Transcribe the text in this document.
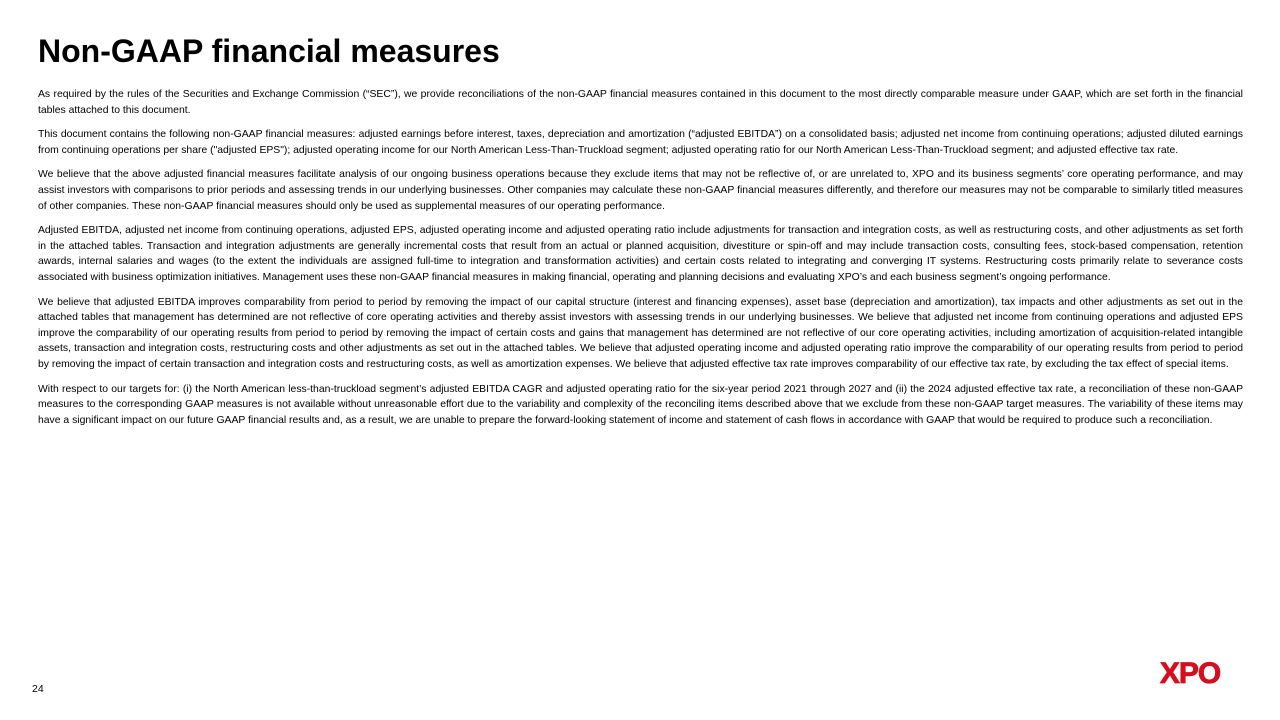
Non-GAAP financial measures

As required by the rules of the Securities and Exchange Commission (“SEC”), we provide reconciliations of the non-GAAP financial measures contained in this document to the most directly comparable measure under GAAP, which are set forth in the financial tables attached to this document.

This document contains the following non-GAAP financial measures: adjusted earnings before interest, taxes, depreciation and amortization (“adjusted EBITDA”) on a consolidated basis; adjusted net income from continuing operations; adjusted diluted earnings from continuing operations per share ("adjusted EPS"); adjusted operating income for our North American Less-Than-Truckload segment; adjusted operating ratio for our North American Less-Than-Truckload segment; and adjusted effective tax rate.

We believe that the above adjusted financial measures facilitate analysis of our ongoing business operations because they exclude items that may not be reflective of, or are unrelated to, XPO and its business segments’ core operating performance, and may assist investors with comparisons to prior periods and assessing trends in our underlying businesses. Other companies may calculate these non-GAAP financial measures differently, and therefore our measures may not be comparable to similarly titled measures of other companies. These non-GAAP financial measures should only be used as supplemental measures of our operating performance.

Adjusted EBITDA, adjusted net income from continuing operations, adjusted EPS, adjusted operating income and adjusted operating ratio include adjustments for transaction and integration costs, as well as restructuring costs, and other adjustments as set forth in the attached tables. Transaction and integration adjustments are generally incremental costs that result from an actual or planned acquisition, divestiture or spin-off and may include transaction costs, consulting fees, stock-based compensation, retention awards, internal salaries and wages (to the extent the individuals are assigned full-time to integration and transformation activities) and certain costs related to integrating and converging IT systems. Restructuring costs primarily relate to severance costs associated with business optimization initiatives. Management uses these non-GAAP financial measures in making financial, operating and planning decisions and evaluating XPO’s and each business segment’s ongoing performance.

We believe that adjusted EBITDA improves comparability from period to period by removing the impact of our capital structure (interest and financing expenses), asset base (depreciation and amortization), tax impacts and other adjustments as set out in the attached tables that management has determined are not reflective of core operating activities and thereby assist investors with assessing trends in our underlying businesses. We believe that adjusted net income from continuing operations and adjusted EPS improve the comparability of our operating results from period to period by removing the impact of certain costs and gains that management has determined are not reflective of our core operating activities, including amortization of acquisition-related intangible assets, transaction and integration costs, restructuring costs and other adjustments as set out in the attached tables. We believe that adjusted operating income and adjusted operating ratio improve the comparability of our operating results from period to period by removing the impact of certain transaction and integration costs and restructuring costs, as well as amortization expenses. We believe that adjusted effective tax rate improves comparability of our effective tax rate, by excluding the tax effect of special items.

With respect to our targets for: (i) the North American less-than-truckload segment’s adjusted EBITDA CAGR and adjusted operating ratio for the six-year period 2021 through 2027 and (ii) the 2024 adjusted effective tax rate, a reconciliation of these non-GAAP measures to the corresponding GAAP measures is not available without unreasonable effort due to the variability and complexity of the reconciling items described above that we exclude from these non-GAAP target measures. The variability of these items may have a significant impact on our future GAAP financial results and, as a result, we are unable to prepare the forward-looking statement of income and statement of cash flows in accordance with GAAP that would be required to produce such a reconciliation.

24	XPO
